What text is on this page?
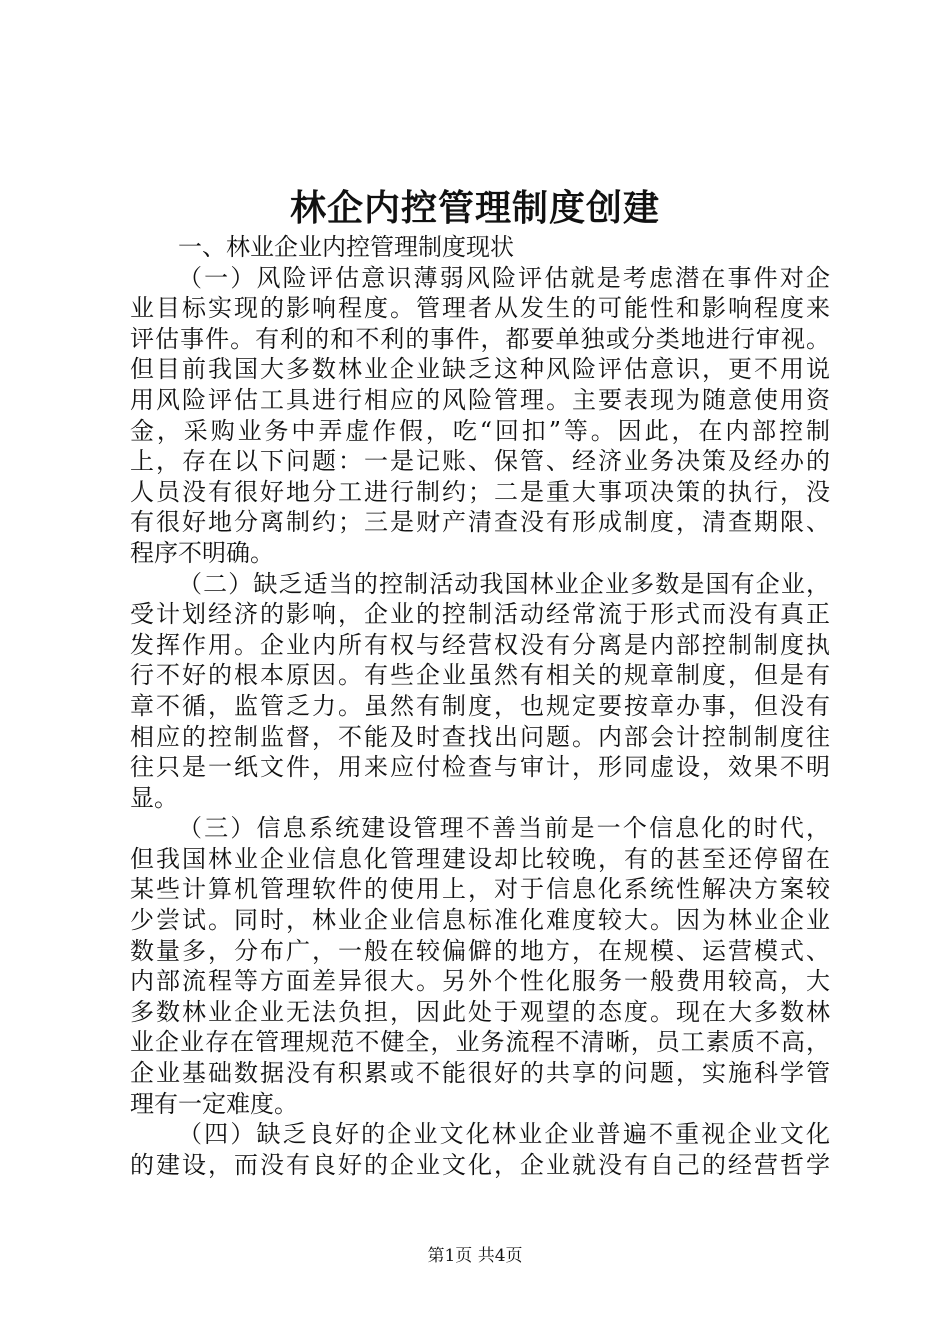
林企内控管理制度创建
一、林业企业内控管理制度现状
（一）风险评估意识薄弱风险评估就是考虑潜在事件对企
业目标实现的影响程度。管理者从发生的可能性和影响程度来
评估事件。有利的和不利的事件，都要单独或分类地进行审视。
但目前我国大多数林业企业缺乏这种风险评估意识，更不用说
用风险评估工具进行相应的风险管理。主要表现为随意使用资
金，采购业务中弄虚作假，吃“回扣”等。因此，在内部控制
上，存在以下问题：一是记账、保管、经济业务决策及经办的
人员没有很好地分工进行制约；二是重大事项决策的执行，没
有很好地分离制约；三是财产清查没有形成制度，清查期限、
程序不明确。
（二）缺乏适当的控制活动我国林业企业多数是国有企业，
受计划经济的影响，企业的控制活动经常流于形式而没有真正
发挥作用。企业内所有权与经营权没有分离是内部控制制度执
行不好的根本原因。有些企业虽然有相关的规章制度，但是有
章不循，监管乏力。虽然有制度，也规定要按章办事，但没有
相应的控制监督，不能及时查找出问题。内部会计控制制度往
往只是一纸文件，用来应付检查与审计，形同虚设，效果不明
显。
（三）信息系统建设管理不善当前是一个信息化的时代，
但我国林业企业信息化管理建设却比较晚，有的甚至还停留在
某些计算机管理软件的使用上，对于信息化系统性解决方案较
少尝试。同时，林业企业信息标准化难度较大。因为林业企业
数量多，分布广，一般在较偏僻的地方，在规模、运营模式、
内部流程等方面差异很大。另外个性化服务一般费用较高，大
多数林业企业无法负担，因此处于观望的态度。现在大多数林
业企业存在管理规范不健全，业务流程不清晰，员工素质不高，
企业基础数据没有积累或不能很好的共享的问题，实施科学管
理有一定难度。
（四）缺乏良好的企业文化林业企业普遍不重视企业文化
的建设，而没有良好的企业文化，企业就没有自己的经营哲学
第1页 共4页
